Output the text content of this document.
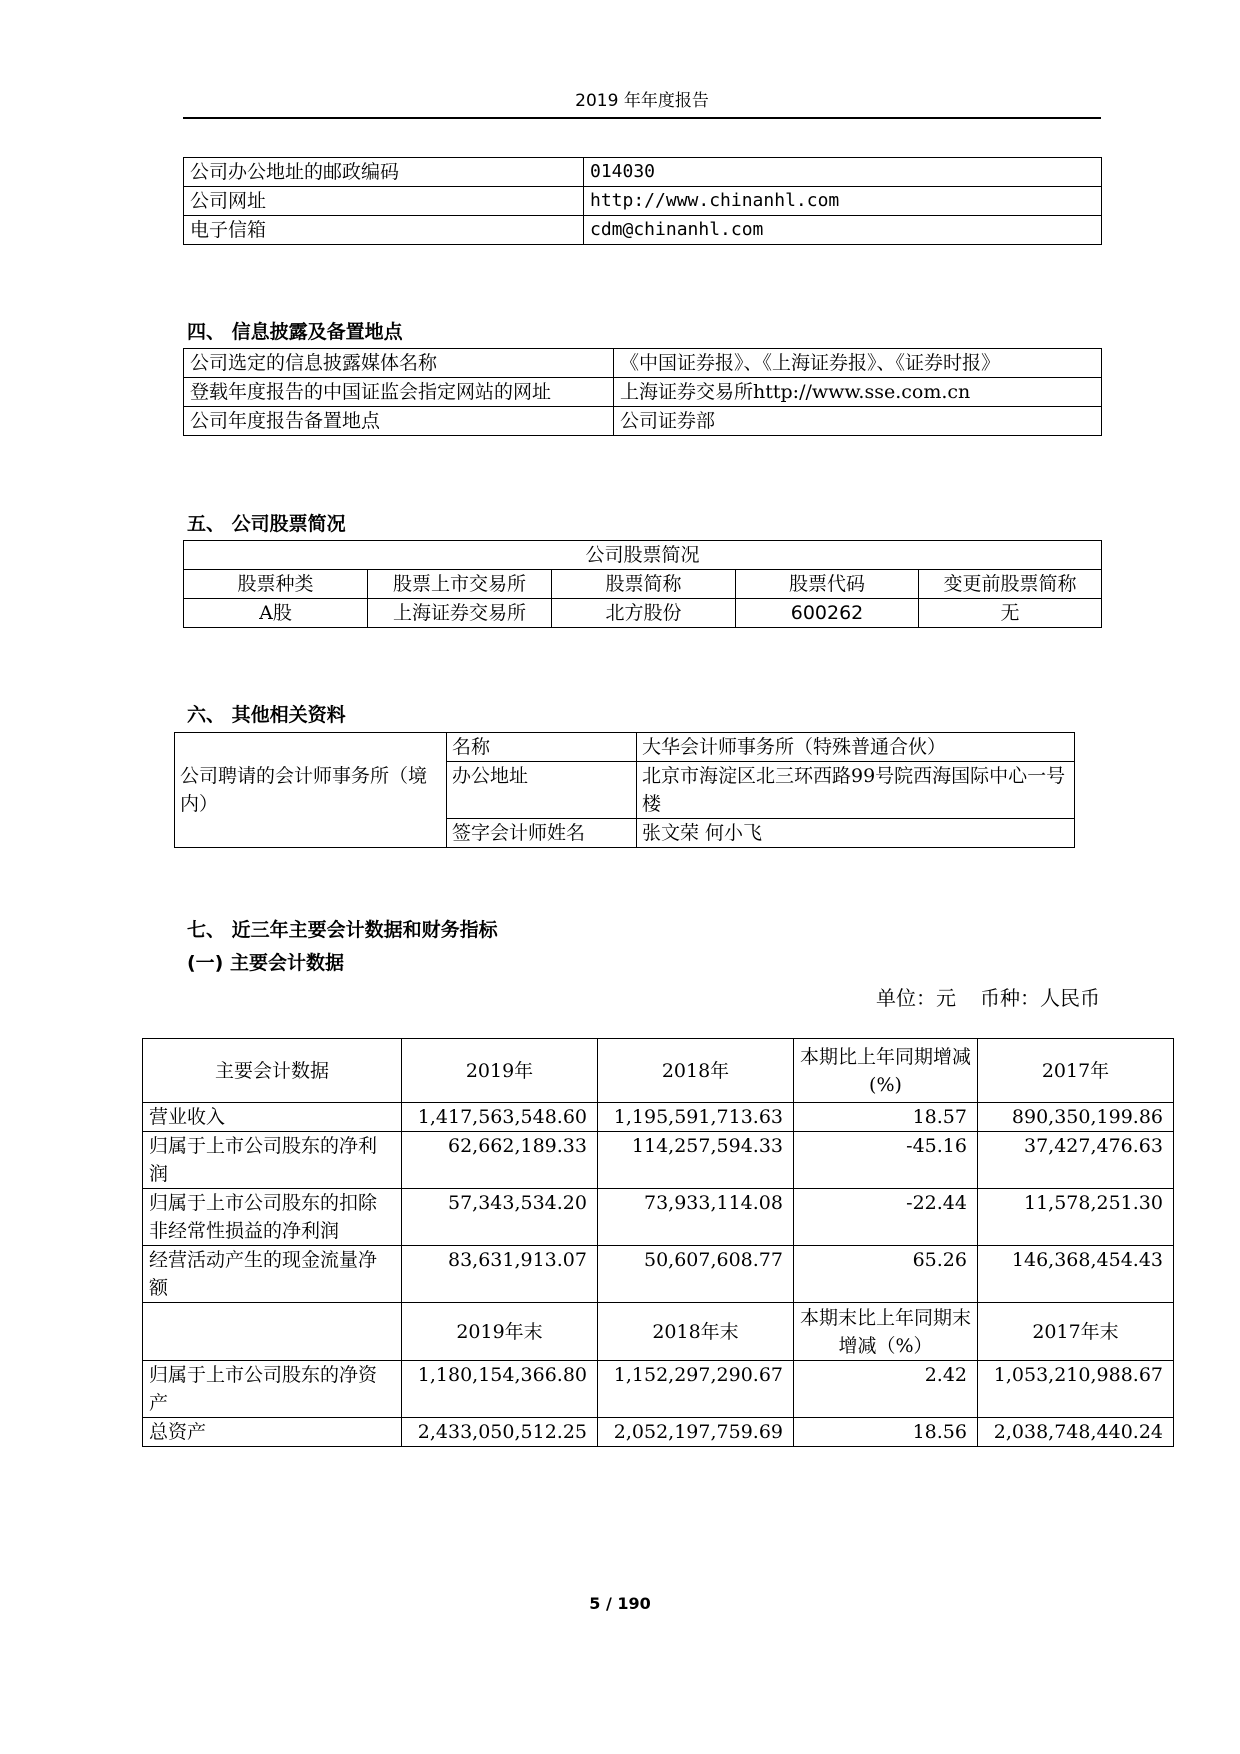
2019 年年度报告
公司办公地址的邮政编码	014030
公司网址	http://www.chinanhl.com
电子信箱	cdm@chinanhl.com
四、 信息披露及备置地点
公司选定的信息披露媒体名称	《中国证券报》、《上海证券报》、《证券时报》
登载年度报告的中国证监会指定网站的网址	上海证券交易所http://www.sse.com.cn
公司年度报告备置地点	公司证券部
五、 公司股票简况
公司股票简况				
股票种类	股票上市交易所	股票简称	股票代码	变更前股票简称
A股	上海证券交易所	北方股份	600262	无
六、 其他相关资料
公司聘请的会计师事务所（境内）	名称	大华会计师事务所（特殊普通合伙）
	办公地址	北京市海淀区北三环西路99号院西海国际中心一号楼
	签字会计师姓名	张文荣 何小飞
七、 近三年主要会计数据和财务指标
(一) 主要会计数据
单位：元 币种：人民币
主要会计数据	2019年	2018年	本期比上年同期增减(%)	2017年
营业收入	1,417,563,548.60	1,195,591,713.63	18.57	890,350,199.86
归属于上市公司股东的净利润	62,662,189.33	114,257,594.33	-45.16	37,427,476.63
归属于上市公司股东的扣除非经常性损益的净利润	57,343,534.20	73,933,114.08	-22.44	11,578,251.30
经营活动产生的现金流量净额	83,631,913.07	50,607,608.77	65.26	146,368,454.43
	2019年末	2018年末	本期末比上年同期末增减（%）	2017年末
归属于上市公司股东的净资产	1,180,154,366.80	1,152,297,290.67	2.42	1,053,210,988.67
总资产	2,433,050,512.25	2,052,197,759.69	18.56	2,038,748,440.24
5 / 190
